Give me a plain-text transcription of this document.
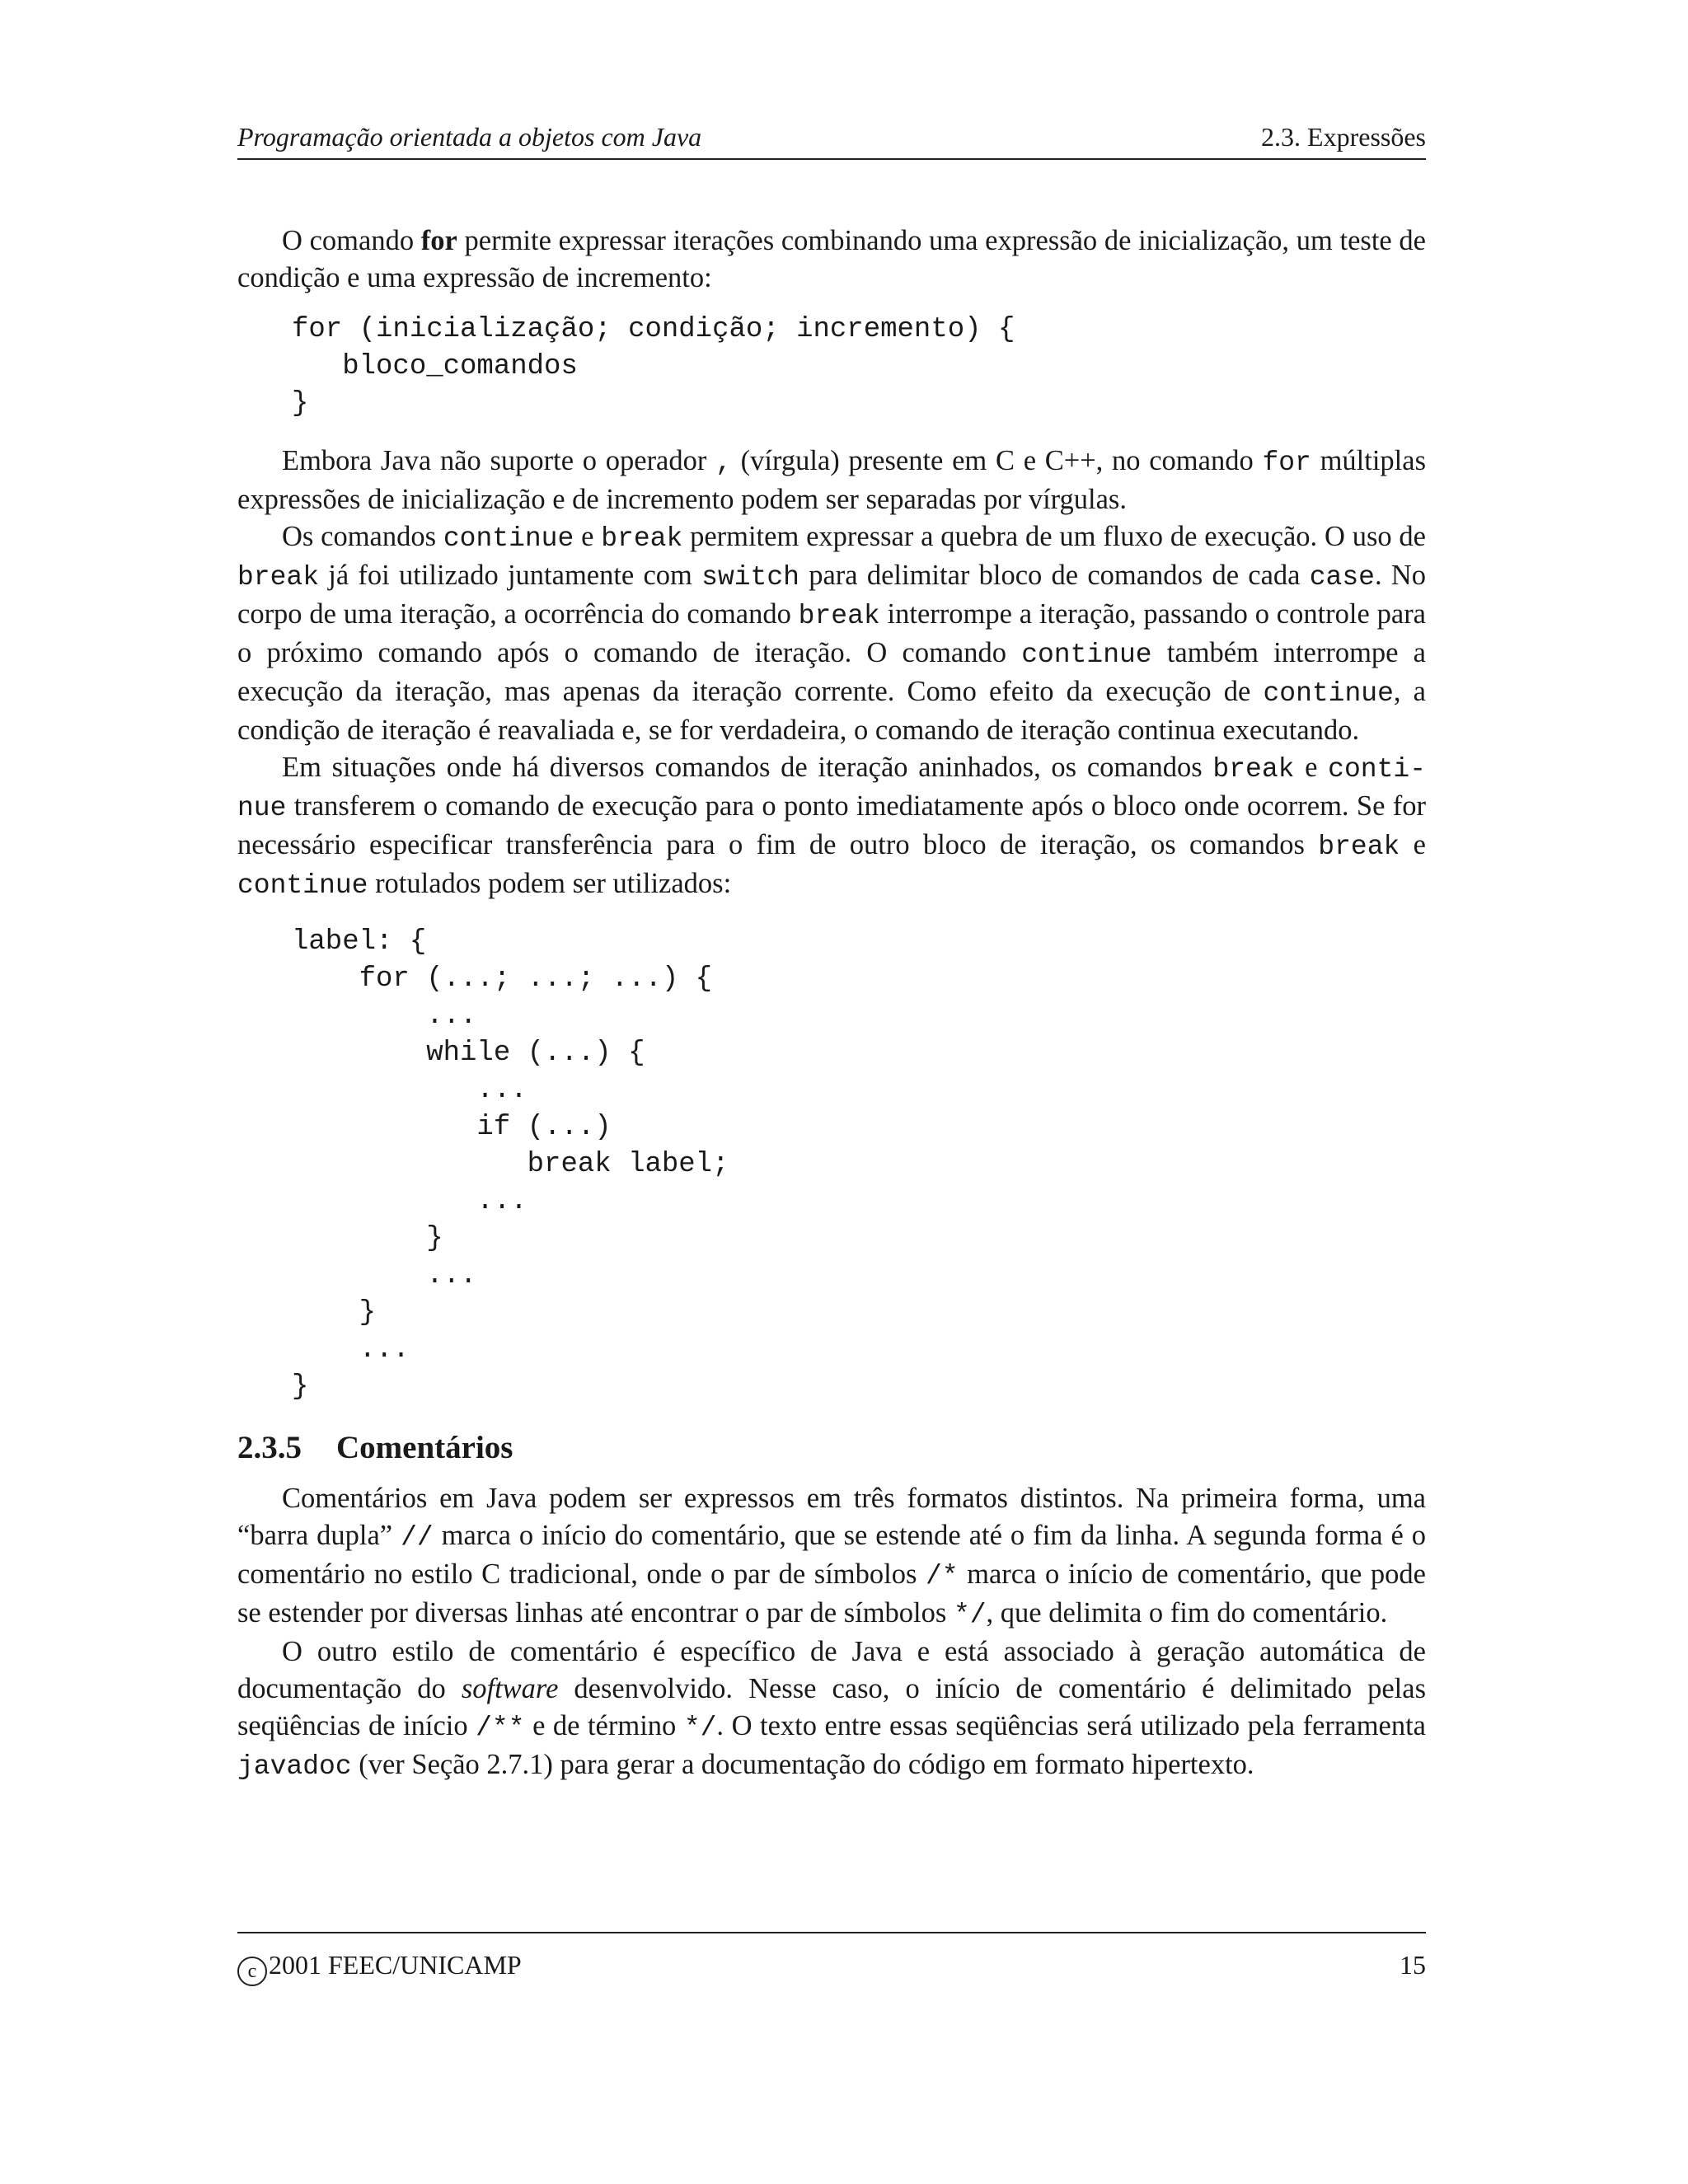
Programação orientada a objetos com Java	2.3. Expressões

O comando for permite expressar iterações combinando uma expressão de inicialização, um teste de condição e uma expressão de incremento:

for (inicialização; condição; incremento) {
bloco_comandos
}

Embora Java não suporte o operador , (vírgula) presente em C e C++, no comando for múltiplas expressões de inicialização e de incremento podem ser separadas por vírgulas.

Os comandos continue e break permitem expressar a quebra de um fluxo de execução. O uso de break já foi utilizado juntamente com switch para delimitar bloco de comandos de cada case. No corpo de uma iteração, a ocorrência do comando break interrompe a iteração, passando o controle para o próximo comando após o comando de iteração. O comando continue também interrompe a execução da iteração, mas apenas da iteração corrente. Como efeito da execução de continue, a condição de iteração é reavaliada e, se for verdadeira, o comando de iteração continua executando.

Em situações onde há diversos comandos de iteração aninhados, os comandos break e conti-nue transferem o comando de execução para o ponto imediatamente após o bloco onde ocorrem. Se for necessário especificar transferência para o fim de outro bloco de iteração, os comandos break e continue rotulados podem ser utilizados:

label: {
for (...; ...; ...) {
...
while (...) {
...
if (...)
break label;
...
}
...
}
...
}
2.3.5 Comentários

Comentários em Java podem ser expressos em três formatos distintos. Na primeira forma, uma “barra dupla” // marca o início do comentário, que se estende até o fim da linha. A segunda forma é o comentário no estilo C tradicional, onde o par de símbolos /* marca o início de comentário, que pode se estender por diversas linhas até encontrar o par de símbolos */, que delimita o fim do comentário.

O outro estilo de comentário é específico de Java e está associado à geração automática de documentação do software desenvolvido. Nesse caso, o início de comentário é delimitado pelas seqüências de início /** e de término */. O texto entre essas seqüências será utilizado pela ferramenta javadoc (ver Seção 2.7.1) para gerar a documentação do código em formato hipertexto.

c 2001 FEEC/UNICAMP	15
